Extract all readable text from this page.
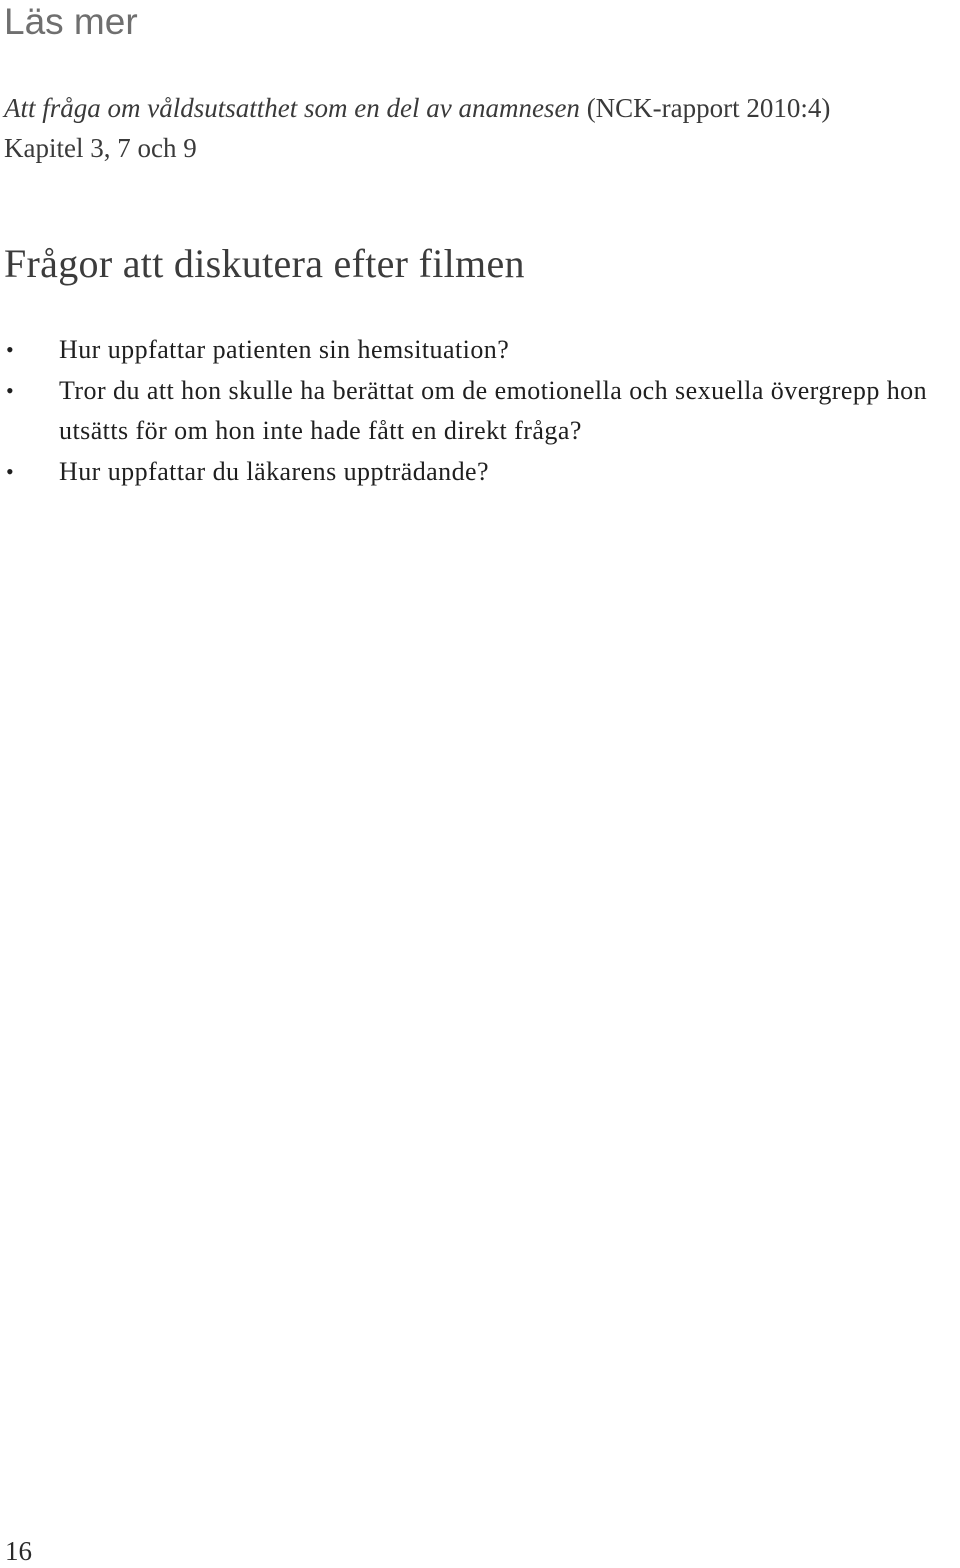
Läs mer

Att fråga om våldsutsatthet som en del av anamnesen (NCK-rapport 2010:4)
Kapitel 3, 7 och 9

Frågor att diskutera efter filmen
• Hur uppfattar patienten sin hemsituation?
• Tror du att hon skulle ha berättat om de emotionella och sexuella övergrepp hon utsätts för om hon inte hade fått en direkt fråga?
• Hur uppfattar du läkarens uppträdande?
16
